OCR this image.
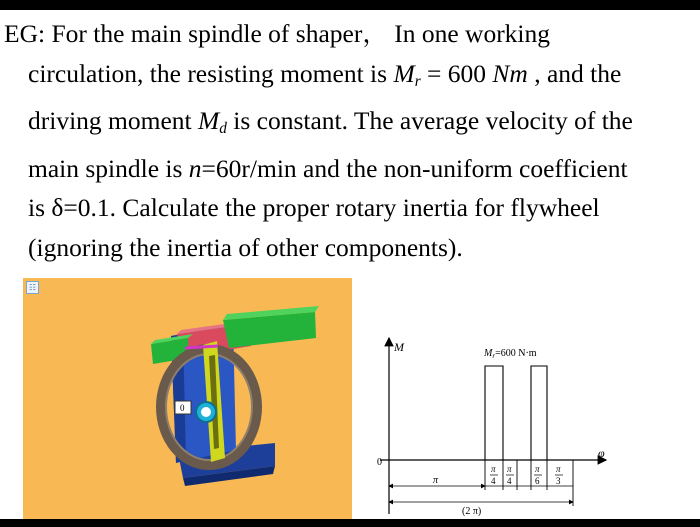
EG: For the main spindle of shaper， In one working
circulation, the resisting moment is $M_r = 600$ Nm , and the
driving moment $M_d$ is constant. The average velocity of the
main spindle is n=60r/min and the non-uniform coefficient
is δ=0.1. Calculate the proper rotary inertia for flywheel
(ignoring the inertia of other components).
☷
0
M
φ
0
$M_r=600$ N·m
π
π
4
π
4
π
6
π
3
(2 π)
